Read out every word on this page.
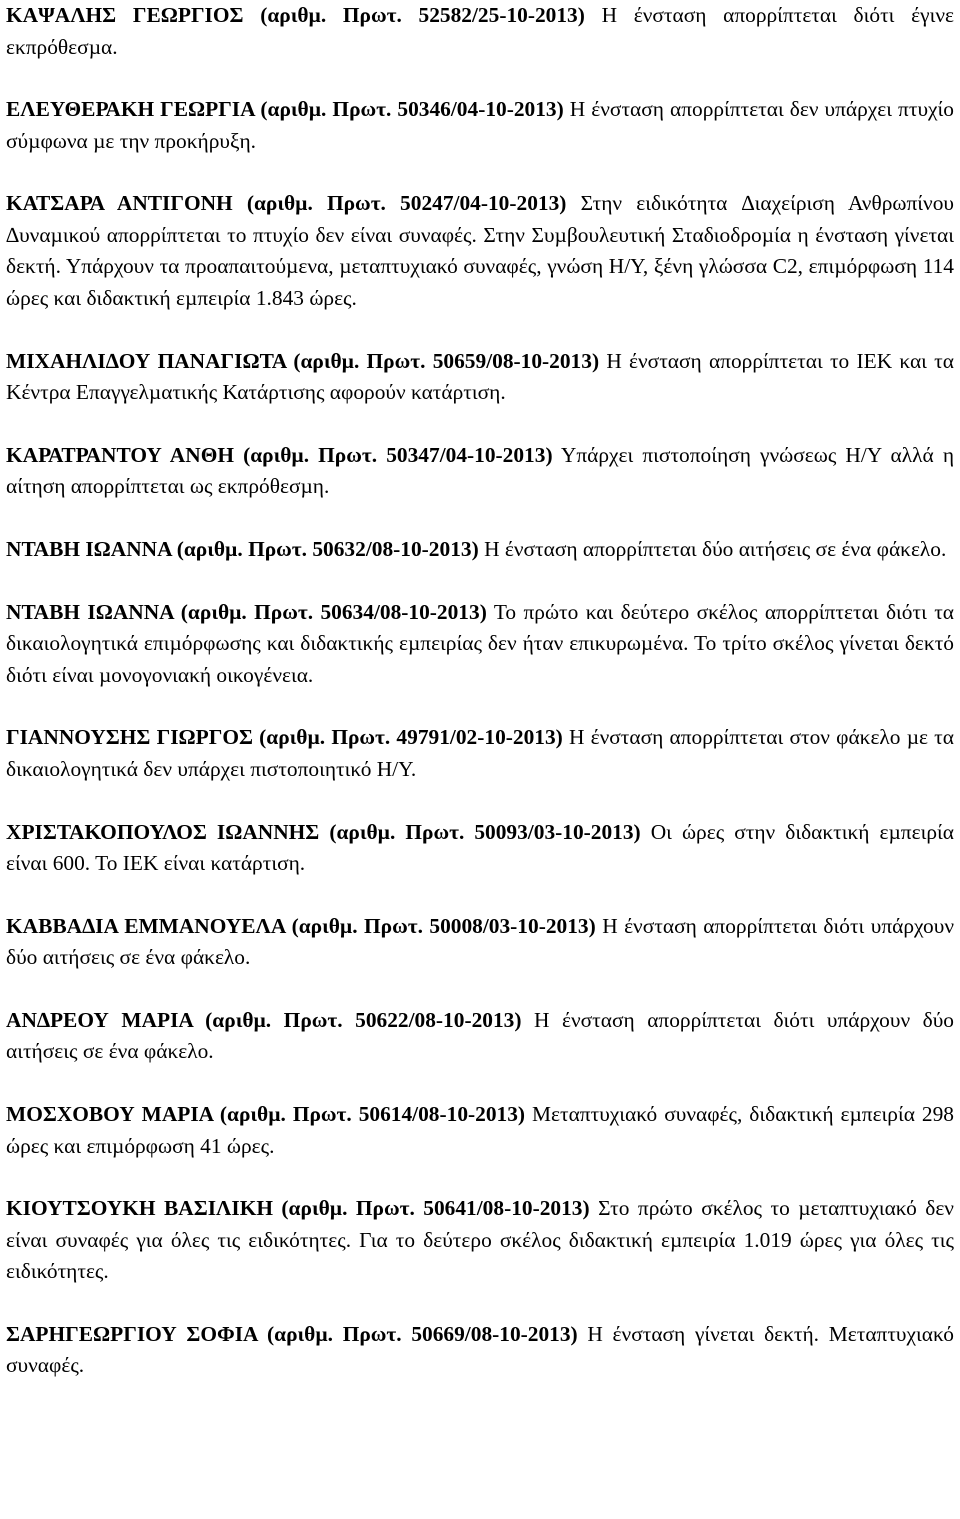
ΚΑΨΑΛΗΣ ΓΕΩΡΓΙΟΣ (αριθµ. Πρωτ. 52582/25-10-2013) Η ένσταση απορρίπτεται διότι έγινε εκπρόθεσµα.

ΕΛΕΥΘΕΡΑΚΗ ΓΕΩΡΓΙΑ (αριθµ. Πρωτ. 50346/04-10-2013) Η ένσταση απορρίπτεται δεν υπάρχει πτυχίο σύµφωνα µε την προκήρυξη.

ΚΑΤΣΑΡΑ ΑΝΤΙΓΟΝΗ (αριθµ. Πρωτ. 50247/04-10-2013) Στην ειδικότητα ∆ιαχείριση Ανθρωπίνου ∆υναµικού απορρίπτεται το πτυχίο δεν είναι συναφές. Στην Συµβουλευτική Σταδιοδροµία η ένσταση γίνεται δεκτή. Υπάρχουν τα προαπαιτούµενα, µεταπτυχιακό συναφές, γνώση Η/Υ, ξένη γλώσσα C2, επιµόρφωση 114 ώρες και διδακτική εµπειρία 1.843 ώρες.

ΜΙΧΑΗΛΙ∆ΟΥ ΠΑΝΑΓΙΩΤΑ (αριθµ. Πρωτ. 50659/08-10-2013) Η ένσταση απορρίπτεται το ΙΕΚ και τα Κέντρα Επαγγελµατικής Κατάρτισης αφορούν κατάρτιση.

ΚΑΡΑΤΡΑΝΤΟΥ ΑΝΘΗ (αριθµ. Πρωτ. 50347/04-10-2013) Υπάρχει πιστοποίηση γνώσεως Η/Υ αλλά η αίτηση απορρίπτεται ως εκπρόθεσµη.

ΝΤΑΒΗ ΙΩΑΝΝΑ (αριθµ. Πρωτ. 50632/08-10-2013) Η ένσταση απορρίπτεται δύο αιτήσεις σε ένα φάκελο.

ΝΤΑΒΗ ΙΩΑΝΝΑ (αριθµ. Πρωτ. 50634/08-10-2013) Το πρώτο και δεύτερο σκέλος απορρίπτεται διότι τα δικαιολογητικά επιµόρφωσης και διδακτικής εµπειρίας δεν ήταν επικυρωµένα. Το τρίτο σκέλος γίνεται δεκτό διότι είναι µονογονιακή οικογένεια.

ΓΙΑΝΝΟΥΣΗΣ ΓΙΩΡΓΟΣ (αριθµ. Πρωτ. 49791/02-10-2013) Η ένσταση απορρίπτεται στον φάκελο µε τα δικαιολογητικά δεν υπάρχει πιστοποιητικό Η/Υ.

ΧΡΙΣΤΑΚΟΠΟΥΛΟΣ ΙΩΑΝΝΗΣ (αριθµ. Πρωτ. 50093/03-10-2013) Οι ώρες στην διδακτική εµπειρία είναι 600. Το ΙΕΚ είναι κατάρτιση.

ΚΑΒΒΑ∆ΙΑ ΕΜΜΑΝΟΥΕΛΑ (αριθµ. Πρωτ. 50008/03-10-2013) Η ένσταση απορρίπτεται διότι υπάρχουν δύο αιτήσεις σε ένα φάκελο.

ΑΝ∆ΡΕΟΥ ΜΑΡΙΑ (αριθµ. Πρωτ. 50622/08-10-2013) Η ένσταση απορρίπτεται διότι υπάρχουν δύο αιτήσεις σε ένα φάκελο.

ΜΟΣΧΟΒΟΥ ΜΑΡΙΑ (αριθµ. Πρωτ. 50614/08-10-2013) Μεταπτυχιακό συναφές, διδακτική εµπειρία 298 ώρες και επιµόρφωση 41 ώρες.

ΚΙΟΥΤΣΟΥΚΗ ΒΑΣΙΛΙΚΗ (αριθµ. Πρωτ. 50641/08-10-2013) Στο πρώτο σκέλος το µεταπτυχιακό δεν είναι συναφές για όλες τις ειδικότητες. Για το δεύτερο σκέλος διδακτική εµπειρία 1.019 ώρες για όλες τις ειδικότητες.

ΣΑΡΗΓΕΩΡΓΙΟΥ ΣΟΦΙΑ (αριθµ. Πρωτ. 50669/08-10-2013) Η ένσταση γίνεται δεκτή. Μεταπτυχιακό συναφές.
